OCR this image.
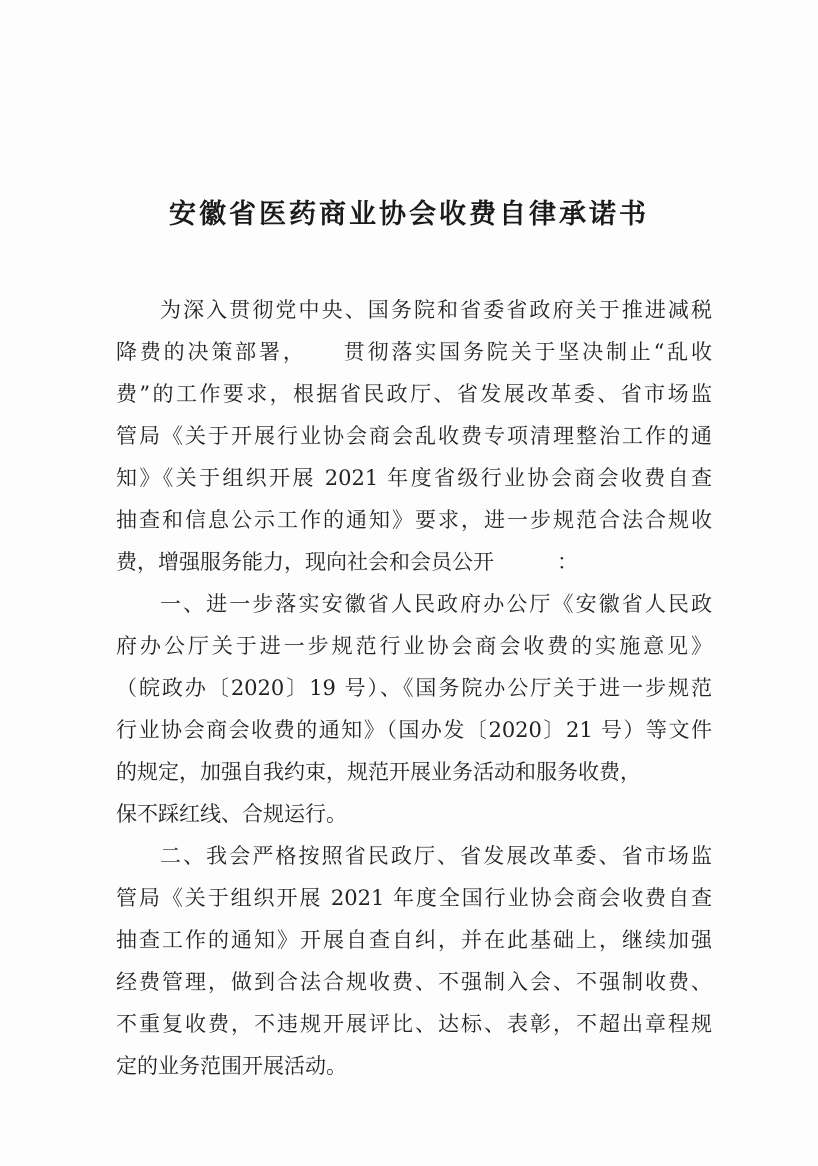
安徽省医药商业协会收费自律承诺书
为深入贯彻党中央、国务院和省委省政府关于推进减税
降费的决策部署，　　贯彻落实国务院关于坚决制止“乱收
费”的工作要求，根据省民政厅、省发展改革委、省市场监
管局《关于开展行业协会商会乱收费专项清理整治工作的通
知》《关于组织开展 2021 年度省级行业协会商会收费自查
抽查和信息公示工作的通知》要求，进一步规范合法合规收
费，增强服务能力，现向社会和会员公开　　　：
一、进一步落实安徽省人民政府办公厅《安徽省人民政
府办公厅关于进一步规范行业协会商会收费的实施意见》
（皖政办〔2020〕19 号）、《国务院办公厅关于进一步规范
行业协会商会收费的通知》（国办发〔2020〕21 号）等文件
的规定，加强自我约束，规范开展业务活动和服务收费，
保不踩红线、合规运行。
二、我会严格按照省民政厅、省发展改革委、省市场监
管局《关于组织开展 2021 年度全国行业协会商会收费自查
抽查工作的通知》开展自查自纠，并在此基础上，继续加强
经费管理，做到合法合规收费、不强制入会、不强制收费、
不重复收费，不违规开展评比、达标、表彰，不超出章程规
定的业务范围开展活动。
